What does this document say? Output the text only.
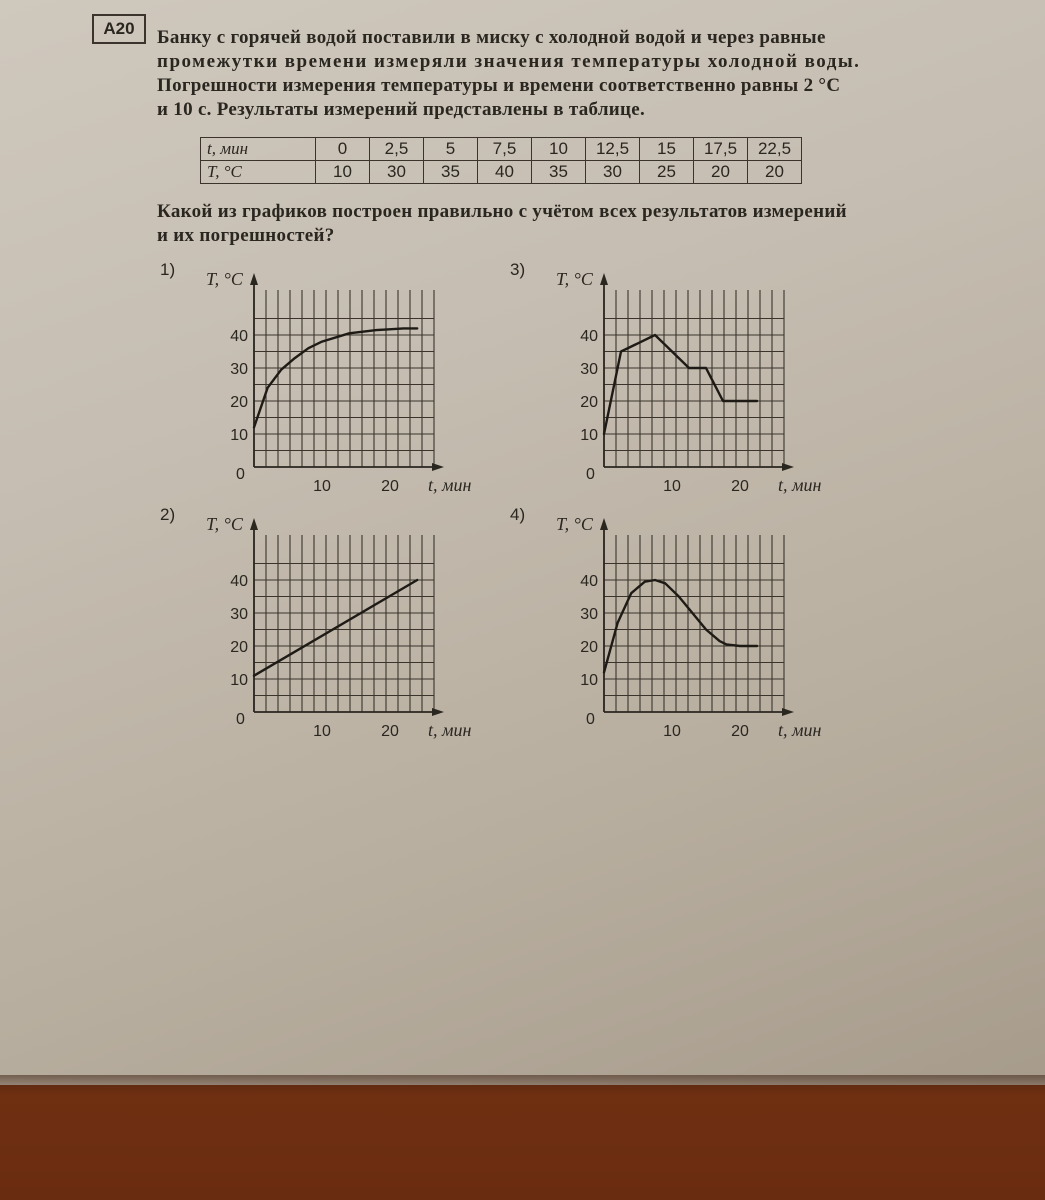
A20	Банку с горячей водой поставили в миску с холодной водой и через равные
промежутки времени измеряли значения температуры холодной воды.
Погрешности измерения температуры и времени соответственно равны 2 °С
и 10 с. Результаты измерений представлены в таблице.
t, мин	0	2,5	5	7,5	10	12,5	15	17,5	22,5
T, °С	10	30	35	40	35	30	25	20	20
Какой из графиков построен правильно с учётом всех результатов измерений
и их погрешностей?
1) T, °С
t, мин
0
10
20
30
40
10	20
2) T, °С
t, мин
0
10
20
30
40
10	20
3) T, °С
t, мин
0
10
20
30
40
10	20
4) T, °С
t, мин
0
10
20
30
40
10	20
